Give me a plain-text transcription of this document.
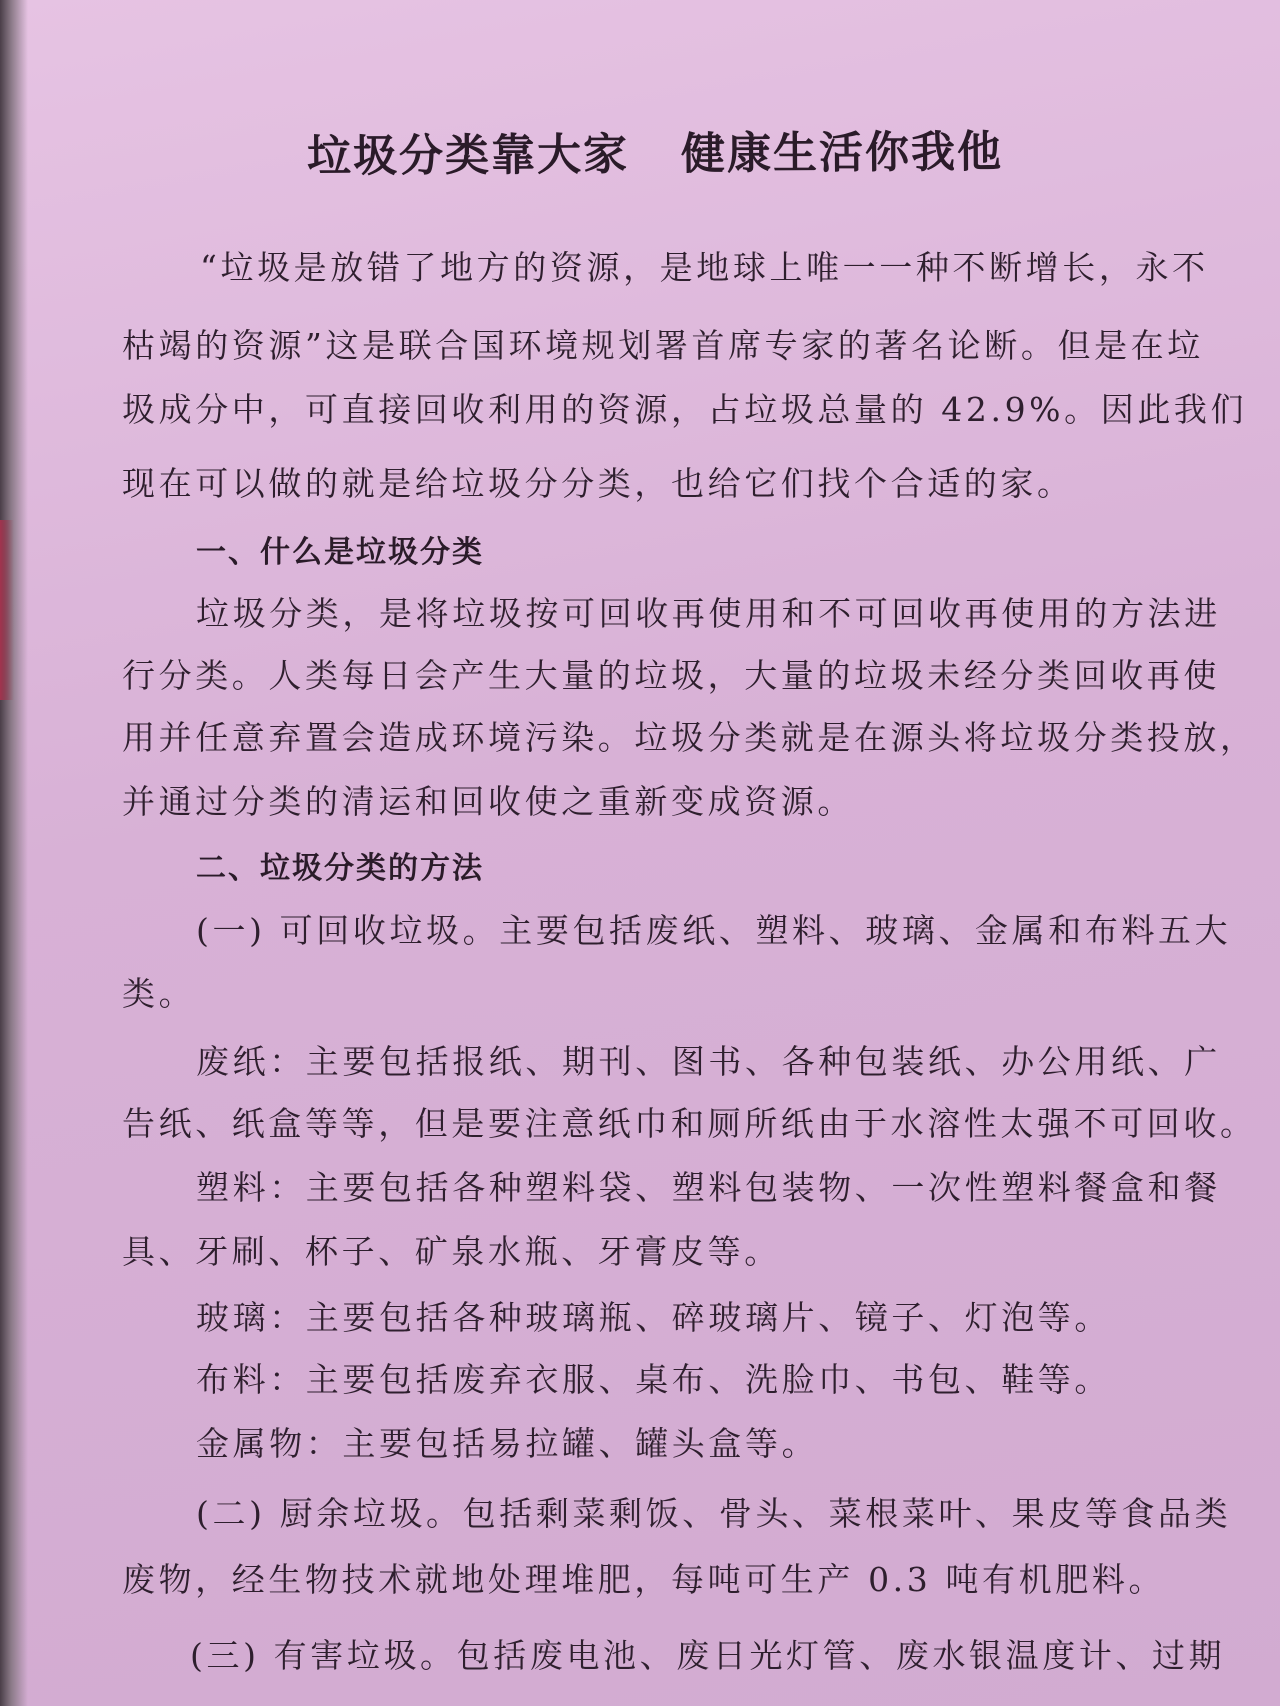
垃圾分类靠大家   健康生活你我他
“垃圾是放错了地方的资源，是地球上唯一一种不断增长，永不
枯竭的资源”这是联合国环境规划署首席专家的著名论断。但是在垃
圾成分中，可直接回收利用的资源，占垃圾总量的 42.9%。因此我们
现在可以做的就是给垃圾分分类，也给它们找个合适的家。
一、什么是垃圾分类
垃圾分类，是将垃圾按可回收再使用和不可回收再使用的方法进
行分类。人类每日会产生大量的垃圾，大量的垃圾未经分类回收再使
用并任意弃置会造成环境污染。垃圾分类就是在源头将垃圾分类投放，
并通过分类的清运和回收使之重新变成资源。
二、垃圾分类的方法
(一) 可回收垃圾。主要包括废纸、塑料、玻璃、金属和布料五大
类。
废纸：主要包括报纸、期刊、图书、各种包装纸、办公用纸、广
告纸、纸盒等等，但是要注意纸巾和厕所纸由于水溶性太强不可回收。
塑料：主要包括各种塑料袋、塑料包装物、一次性塑料餐盒和餐
具、牙刷、杯子、矿泉水瓶、牙膏皮等。
玻璃：主要包括各种玻璃瓶、碎玻璃片、镜子、灯泡等。
布料：主要包括废弃衣服、桌布、洗脸巾、书包、鞋等。
金属物：主要包括易拉罐、罐头盒等。
(二) 厨余垃圾。包括剩菜剩饭、骨头、菜根菜叶、果皮等食品类
废物，经生物技术就地处理堆肥，每吨可生产 0.3 吨有机肥料。
(三) 有害垃圾。包括废电池、废日光灯管、废水银温度计、过期
